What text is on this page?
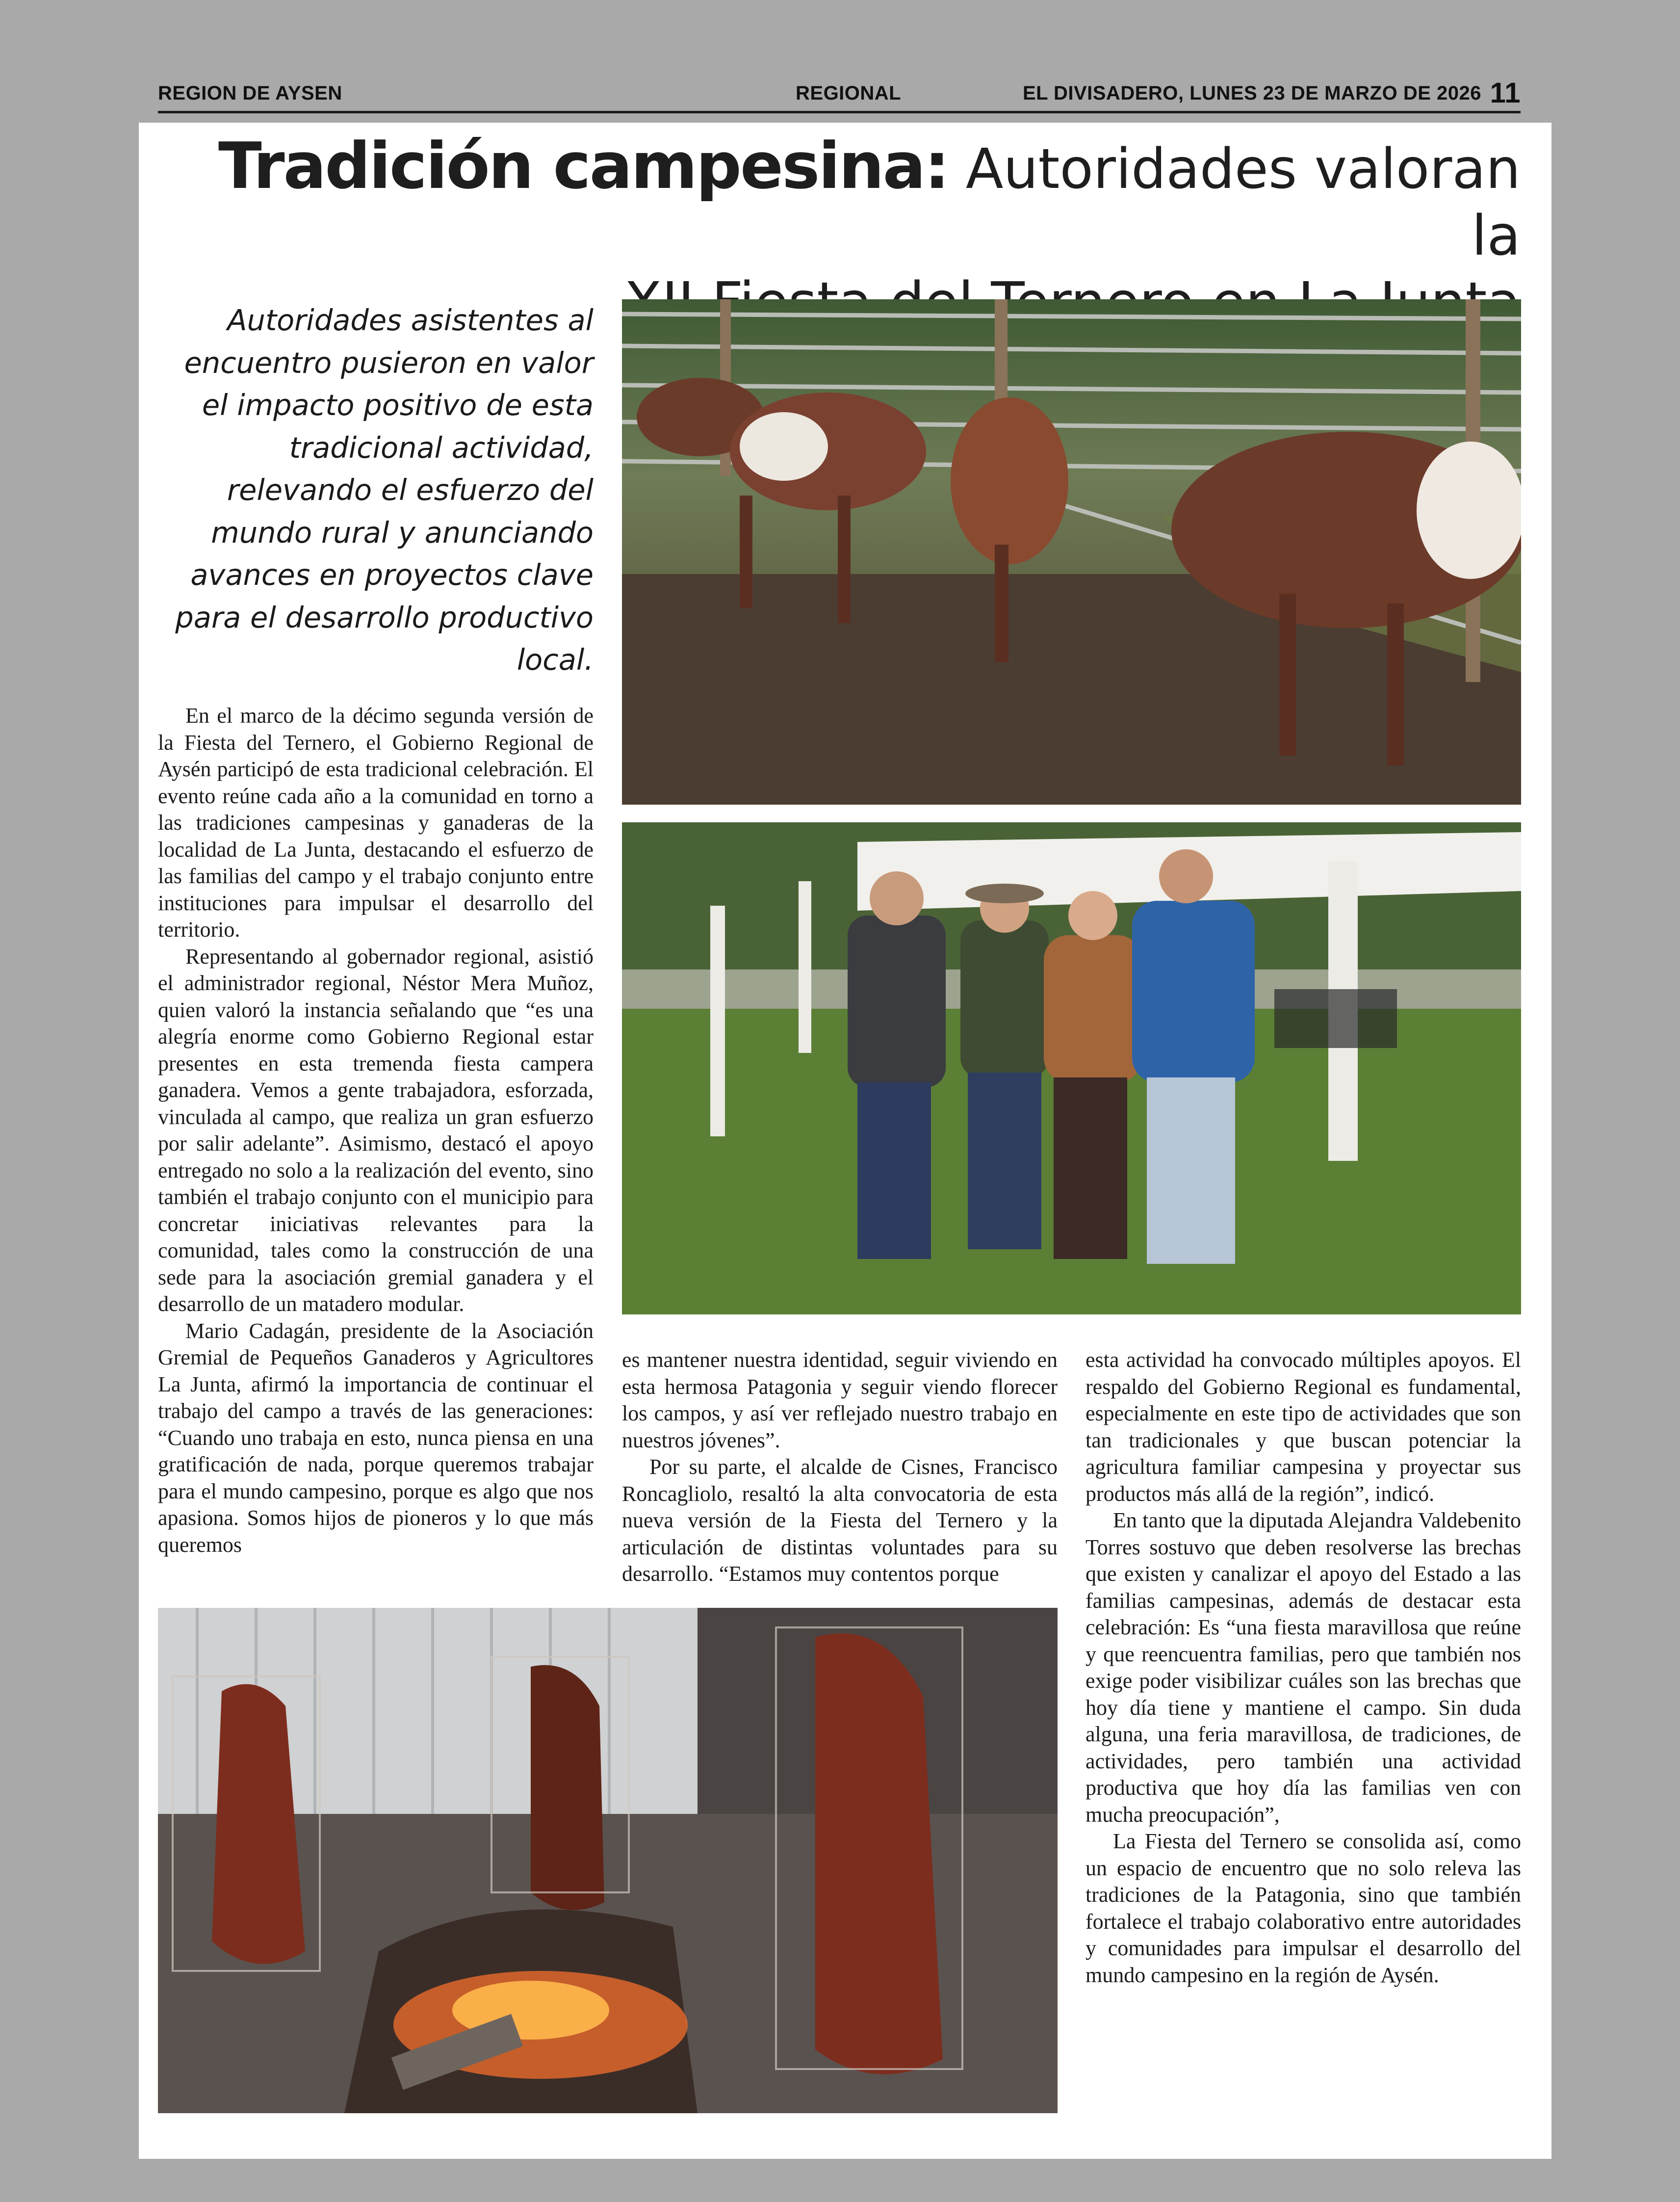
REGION DE AYSEN	REGIONAL	EL DIVISADERO, LUNES 23 DE MARZO DE 2026 11
Tradición campesina: Autoridades valoran la

Autoridades asistentes al encuentro pusieron en valor el impacto positivo de esta tradicional actividad, relevando el esfuerzo del mundo rural y anunciando avances en proyectos clave para el desarrollo productivo local.

En el marco de la décimo segunda versión de la Fiesta del Ternero, el Gobierno Regional de Aysén participó de esta tradicional celebración. El evento reúne cada año a la comunidad en torno a las tradiciones campesinas y ganaderas de la localidad de La Junta, destacando el esfuerzo de las familias del campo y el trabajo conjunto entre instituciones para impulsar el desarrollo del territorio.

Representando al gobernador regional, asistió el administrador regional, Néstor Mera Muñoz, quien valoró la instancia señalando que “es una alegría enorme como Gobierno Regional estar presentes en esta tremenda fiesta campera ganadera. Vemos a gente trabajadora, esforzada, vinculada al campo, que realiza un gran esfuerzo por salir adelante”. Asimismo, destacó el apoyo entregado no solo a la realización del evento, sino también el trabajo conjunto con el municipio para concretar iniciativas relevantes para la comunidad, tales como la construcción de una sede para la asociación gremial ganadera y el desarrollo de un matadero modular.

Mario Cadagán, presidente de la Asociación Gremial de Pequeños Ganaderos y Agricultores La Junta, afirmó la importancia de continuar el trabajo del campo a través de las generaciones: “Cuando uno trabaja en esto, nunca piensa en una gratificación de nada, porque queremos trabajar para el mundo campesino, porque es algo que nos apasiona. Somos hijos de pioneros y lo que más queremos

es mantener nuestra identidad, seguir viviendo en esta hermosa Patagonia y seguir viendo florecer los campos, y así ver reflejado nuestro trabajo en nuestros jóvenes”.

Por su parte, el alcalde de Cisnes, Francisco Roncagliolo, resaltó la alta convocatoria de esta nueva versión de la Fiesta del Ternero y la articulación de distintas voluntades para su desarrollo. “Estamos muy contentos porque

esta actividad ha convocado múltiples apoyos. El respaldo del Gobierno Regional es fundamental, especialmente en este tipo de actividades que son tan tradicionales y que buscan potenciar la agricultura familiar campesina y proyectar sus productos más allá de la región”, indicó.

En tanto que la diputada Alejandra Valdebenito Torres sostuvo que deben resolverse las brechas que existen y canalizar el apoyo del Estado a las familias campesinas, además de destacar esta celebración: Es “una fiesta maravillosa que reúne y que reencuentra familias, pero que también nos exige poder visibilizar cuáles son las brechas que hoy día tiene y mantiene el campo. Sin duda alguna, una feria maravillosa, de tradiciones, de actividades, pero también una actividad productiva que hoy día las familias ven con mucha preocupación”,

La Fiesta del Ternero se consolida así, como un espacio de encuentro que no solo releva las tradiciones de la Patagonia, sino que también fortalece el trabajo colaborativo entre autoridades y comunidades para impulsar el desarrollo del mundo campesino en la región de Aysén.
